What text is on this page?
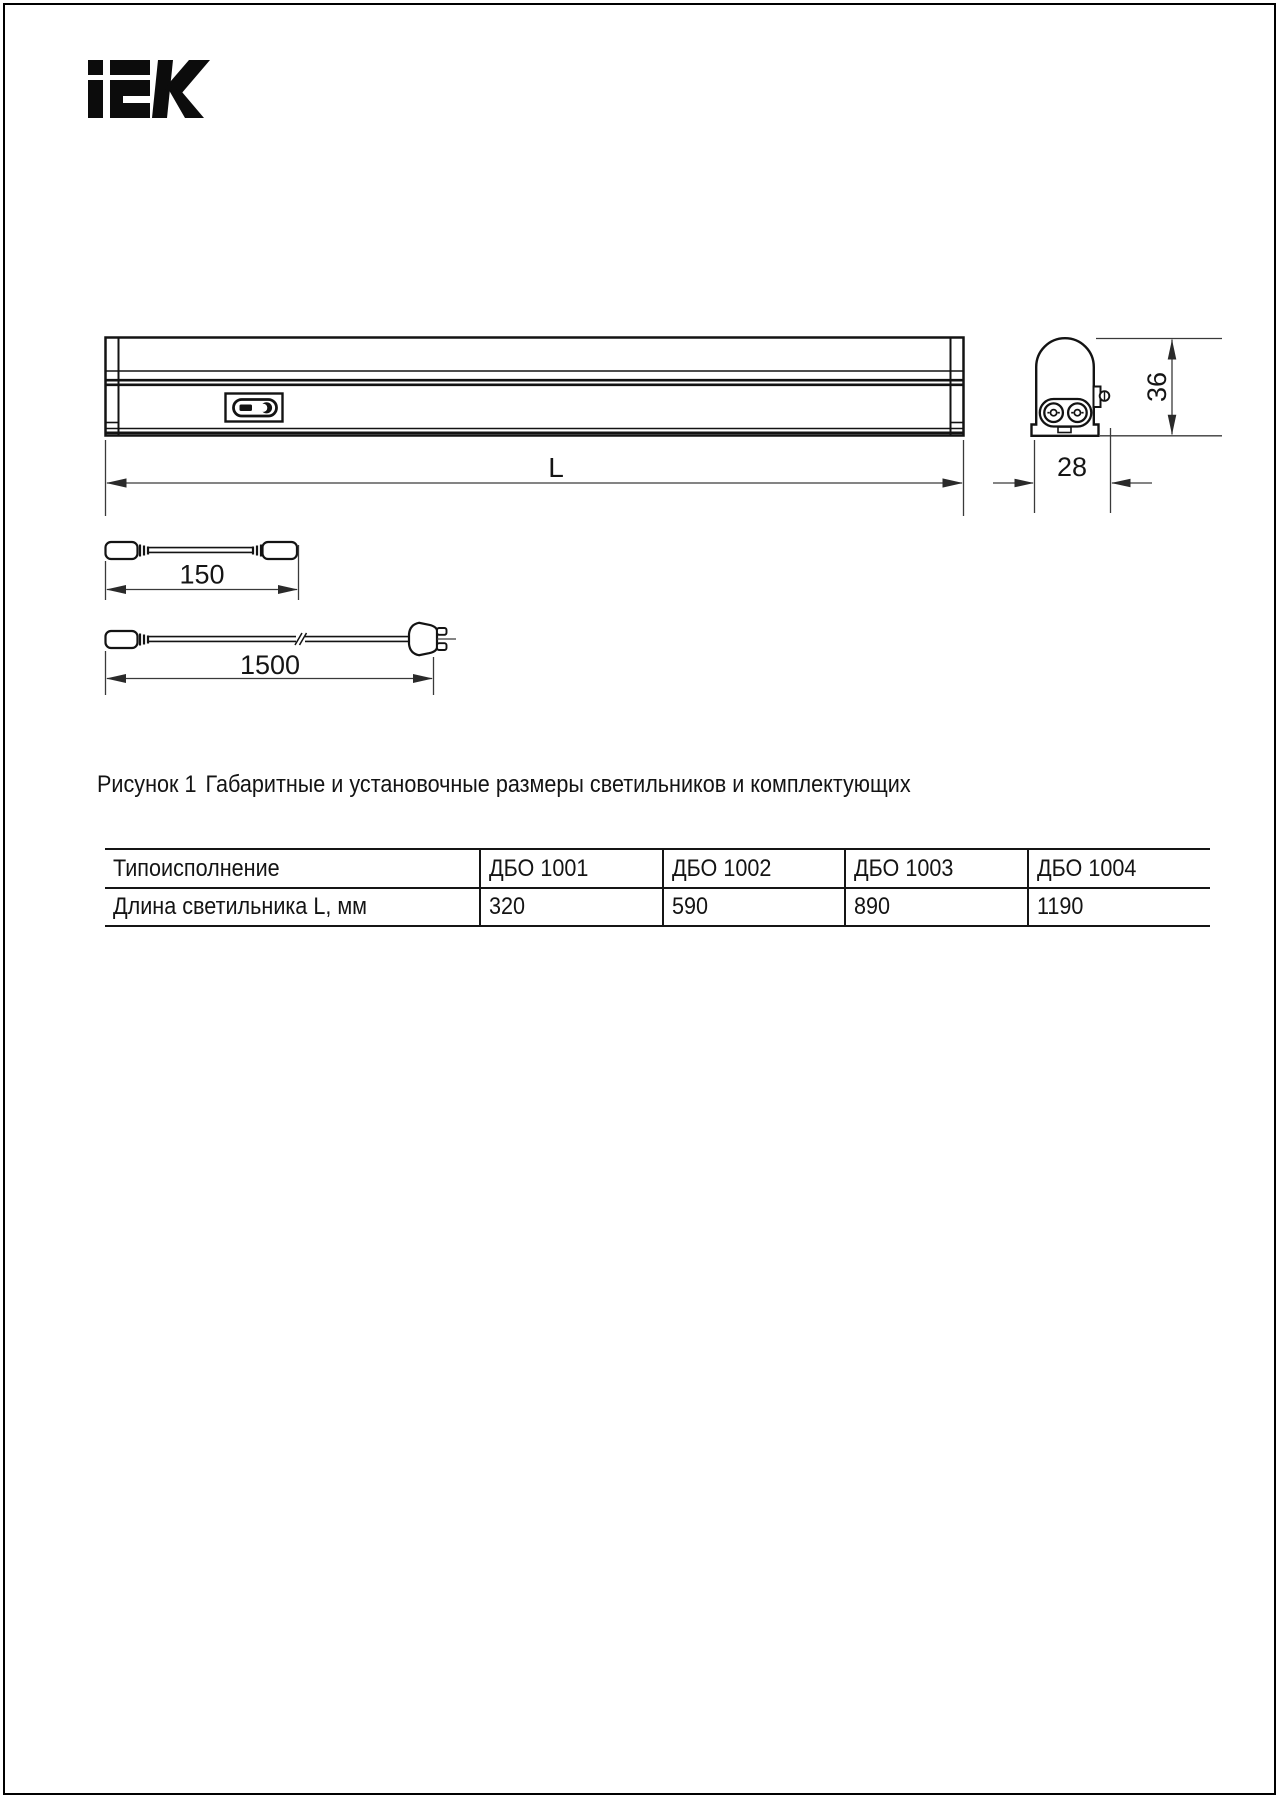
L
36
28
150
1500
Рисунок 1 Габаритные и установочные размеры светильников и комплектующих
Типоисполнение	ДБО 1001	ДБО 1002	ДБО 1003	ДБО 1004
Длина светильника L, мм	320	590	890	1190
